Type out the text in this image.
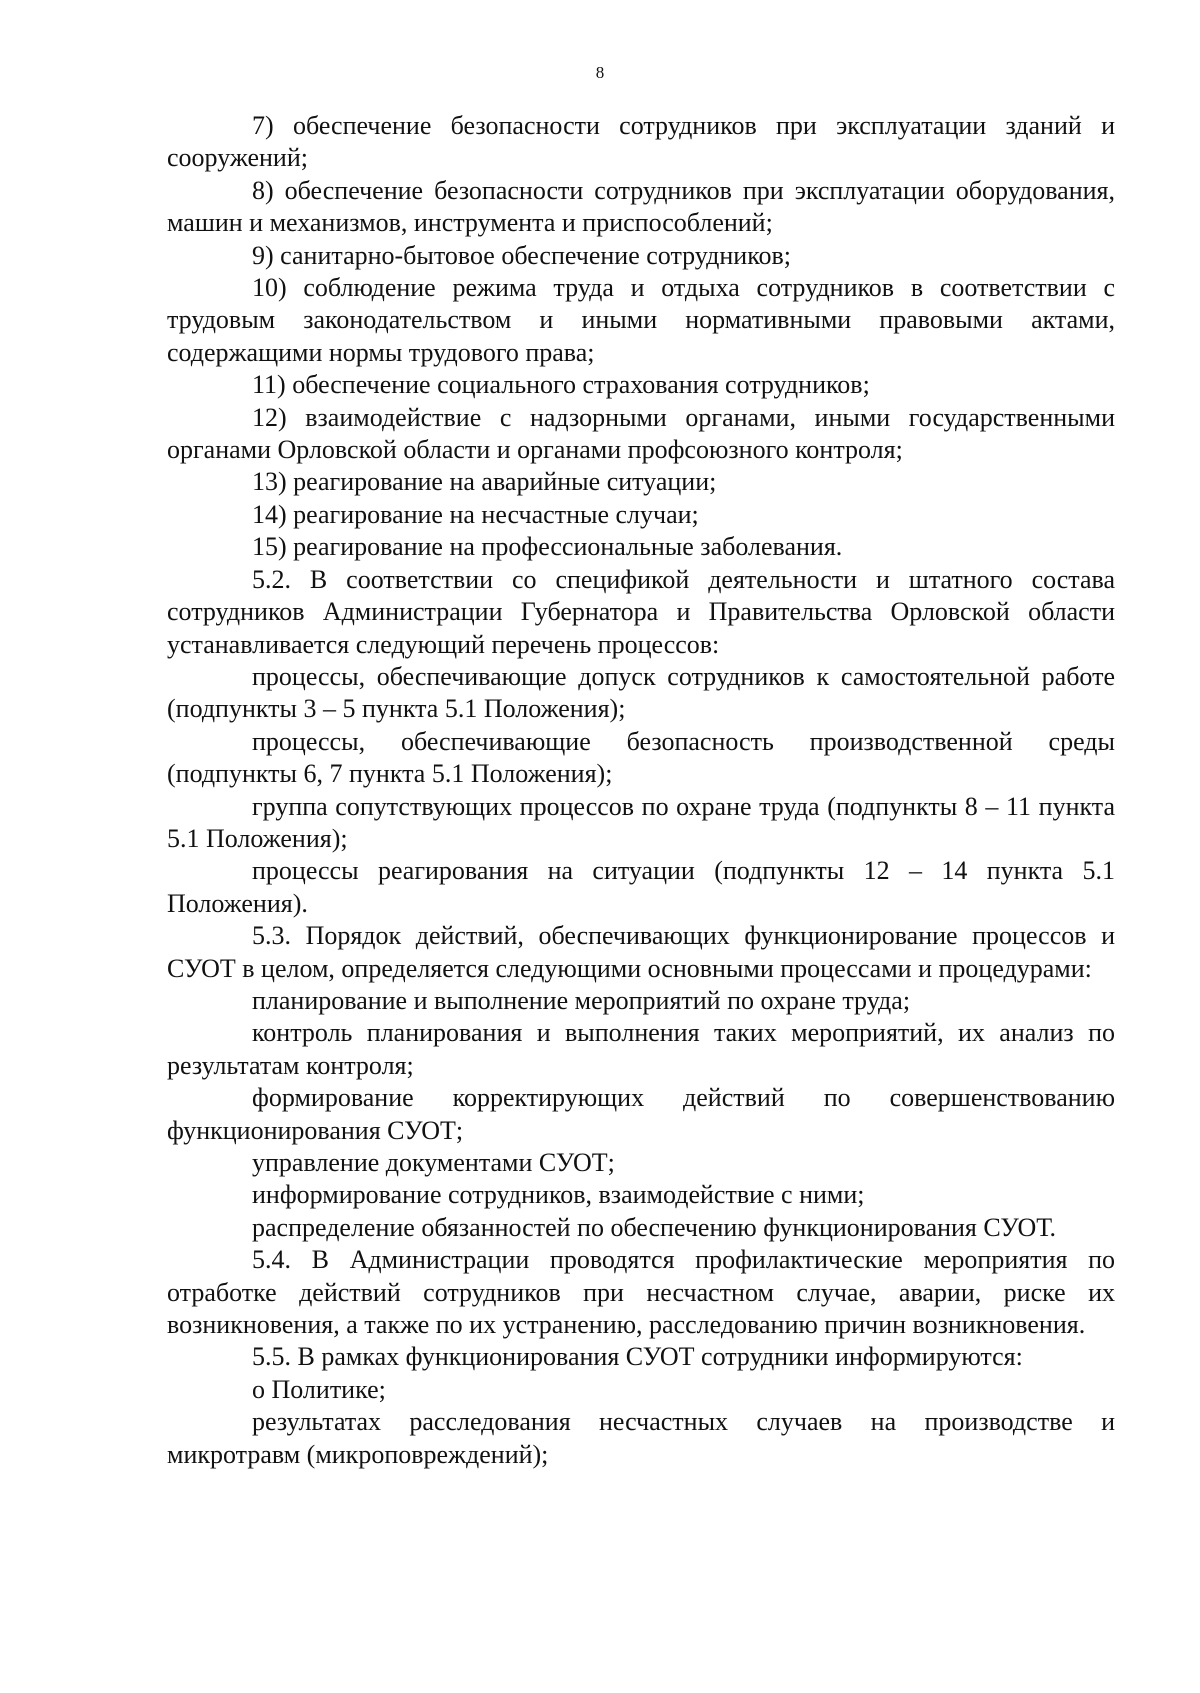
8

7) обеспечение безопасности сотрудников при эксплуатации зданий и сооружений;

8) обеспечение безопасности сотрудников при эксплуатации оборудования, машин и механизмов, инструмента и приспособлений;

9) санитарно-бытовое обеспечение сотрудников;

10) соблюдение режима труда и отдыха сотрудников в соответствии с трудовым законодательством и иными нормативными правовыми актами, содержащими нормы трудового права;

11) обеспечение социального страхования сотрудников;

12) взаимодействие с надзорными органами, иными государственными органами Орловской области и органами профсоюзного контроля;

13) реагирование на аварийные ситуации;

14) реагирование на несчастные случаи;

15) реагирование на профессиональные заболевания.

5.2. В соответствии со спецификой деятельности и штатного состава сотрудников Администрации Губернатора и Правительства Орловской области устанавливается следующий перечень процессов:

процессы, обеспечивающие допуск сотрудников к самостоятельной работе (подпункты 3 – 5 пункта 5.1 Положения);

процессы, обеспечивающие безопасность производственной среды (подпункты 6, 7 пункта 5.1 Положения);

группа сопутствующих процессов по охране труда (подпункты 8 – 11 пункта 5.1 Положения);

процессы реагирования на ситуации (подпункты 12 – 14 пункта 5.1 Положения).

5.3. Порядок действий, обеспечивающих функционирование процессов и СУОТ в целом, определяется следующими основными процессами и процедурами:

планирование и выполнение мероприятий по охране труда;

контроль планирования и выполнения таких мероприятий, их анализ по результатам контроля;

формирование корректирующих действий по совершенствованию функционирования СУОТ;

управление документами СУОТ;

информирование сотрудников, взаимодействие с ними;

распределение обязанностей по обеспечению функционирования СУОТ.

5.4. В Администрации проводятся профилактические мероприятия по отработке действий сотрудников при несчастном случае, аварии, риске их возникновения, а также по их устранению, расследованию причин возникновения.

5.5. В рамках функционирования СУОТ сотрудники информируются:

о Политике;

результатах расследования несчастных случаев на производстве и микротравм (микроповреждений);
